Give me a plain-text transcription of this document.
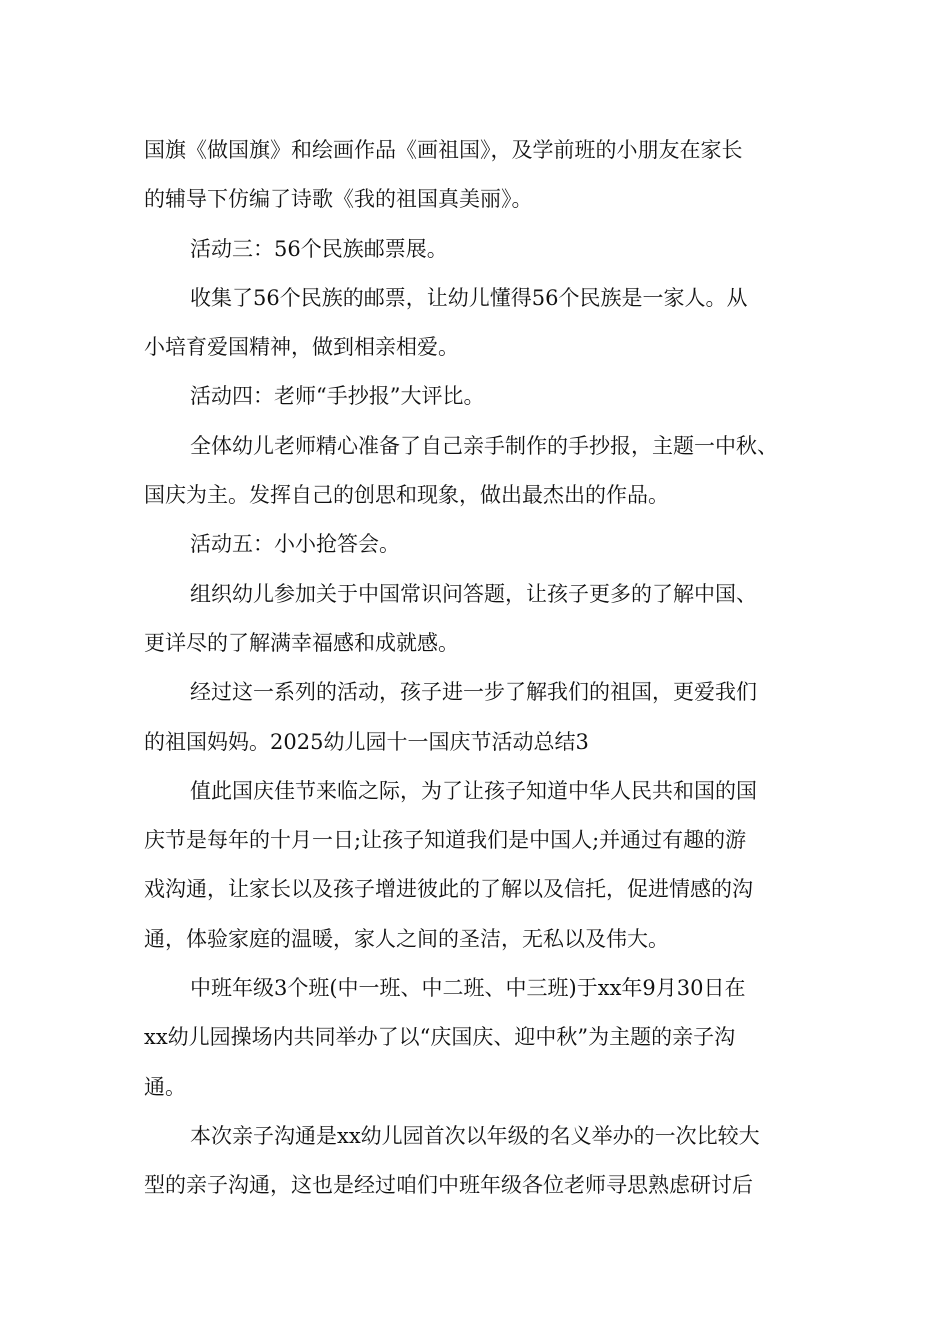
国旗《做国旗》和绘画作品《画祖国》，及学前班的小朋友在家长
的辅导下仿编了诗歌《我的祖国真美丽》。

活动三：56个民族邮票展。

收集了56个民族的邮票，让幼儿懂得56个民族是一家人。从
小培育爱国精神，做到相亲相爱。

活动四：老师“手抄报”大评比。

全体幼儿老师精心准备了自己亲手制作的手抄报，主题一中秋、
国庆为主。发挥自己的创思和现象，做出最杰出的作品。

活动五：小小抢答会。

组织幼儿参加关于中国常识问答题，让孩子更多的了解中国、
更详尽的了解满幸福感和成就感。

经过这一系列的活动，孩子进一步了解我们的祖国，更爱我们
的祖国妈妈。2025幼儿园十一国庆节活动总结3

值此国庆佳节来临之际，为了让孩子知道中华人民共和国的国
庆节是每年的十月一日;让孩子知道我们是中国人;并通过有趣的游
戏沟通，让家长以及孩子增进彼此的了解以及信托，促进情感的沟
通，体验家庭的温暖，家人之间的圣洁，无私以及伟大。

中班年级3个班(中一班、中二班、中三班)于xx年9月30日在
xx幼儿园操场内共同举办了以“庆国庆、迎中秋”为主题的亲子沟
通。

本次亲子沟通是xx幼儿园首次以年级的名义举办的一次比较大
型的亲子沟通，这也是经过咱们中班年级各位老师寻思熟虑研讨后
